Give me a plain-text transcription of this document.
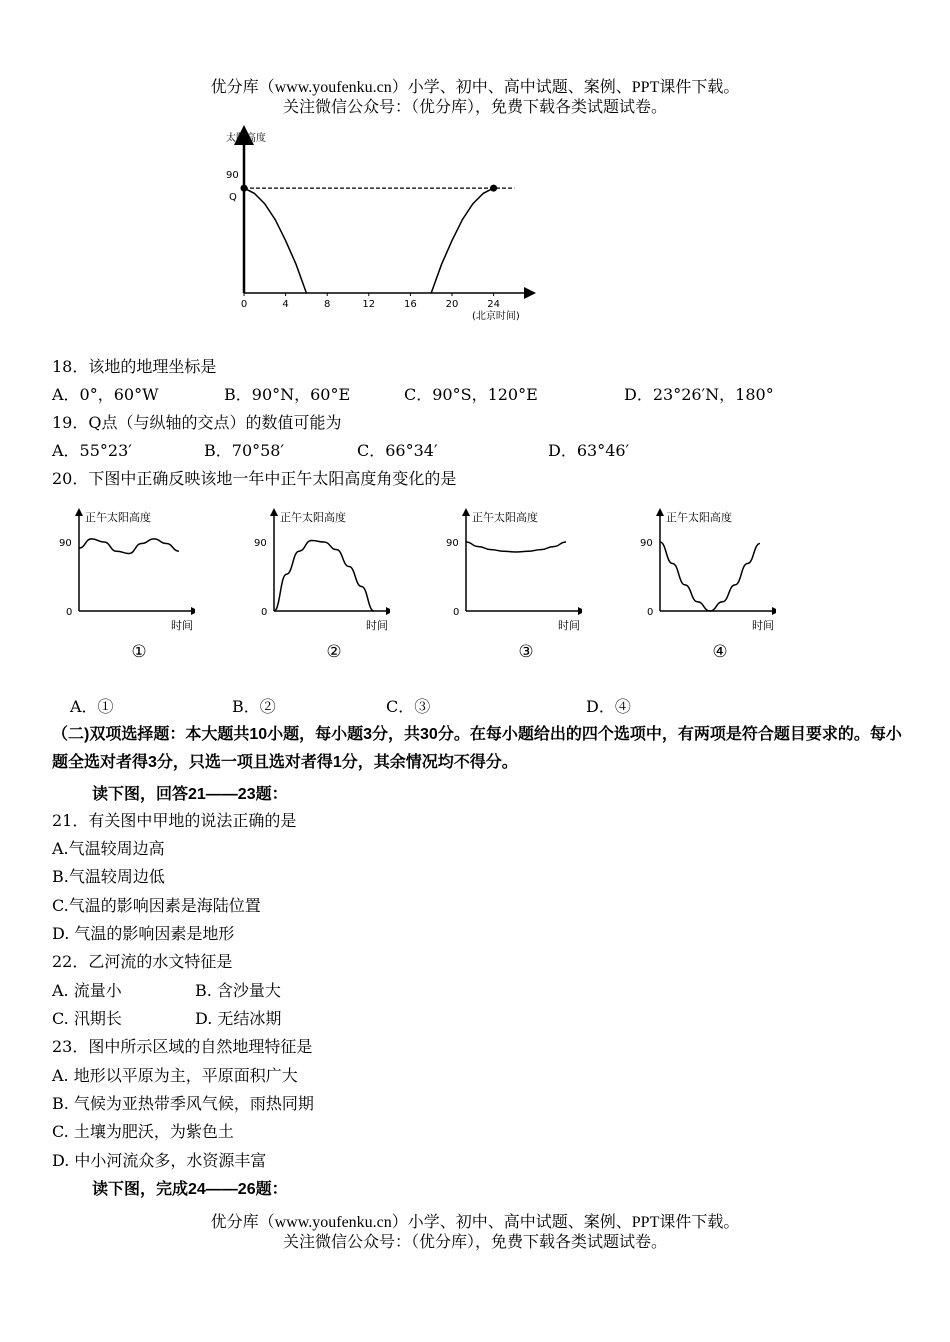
优分库（www.youfenku.cn）小学、初中、高中试题、案例、PPT课件下载。
关注微信公众号：（优分库），免费下载各类试题试卷。
太阳高度
90
Q
0	4	8	12	16	20	24
(北京时间)
18．该地的地理坐标是
A．0°，60°W	B．90°N，60°E	C．90°S，120°E	D．23°26′N，180°
19．Q点（与纵轴的交点）的数值可能为
A．55°23′	B．70°58′	C．66°34′	D．63°46′
20．下图中正确反映该地一年中正午太阳高度角变化的是
正午太阳高度
90
0
时间
①
正午太阳高度
90
0
时间
②
正午太阳高度
90
0
时间
③
正午太阳高度
90
0
时间
④
A．①	B．②	C．③	D．④
（二)双项选择题：本大题共10小题，每小题3分，共30分。在每小题给出的四个选项中，有两项是符合题目要求的。每小题全选对者得3分，只选一项且选对者得1分，其余情况均不得分。
读下图，回答21——23题：
21．有关图中甲地的说法正确的是
A.气温较周边高
B.气温较周边低
C.气温的影响因素是海陆位置
D. 气温的影响因素是地形
22．乙河流的水文特征是
A. 流量小	B. 含沙量大
C. 汛期长	D. 无结冰期
23．图中所示区域的自然地理特征是
A. 地形以平原为主，平原面积广大
B. 气候为亚热带季风气候，雨热同期
C. 土壤为肥沃，为紫色土
D. 中小河流众多，水资源丰富
读下图，完成24——26题：
优分库（www.youfenku.cn）小学、初中、高中试题、案例、PPT课件下载。
关注微信公众号：（优分库），免费下载各类试题试卷。
